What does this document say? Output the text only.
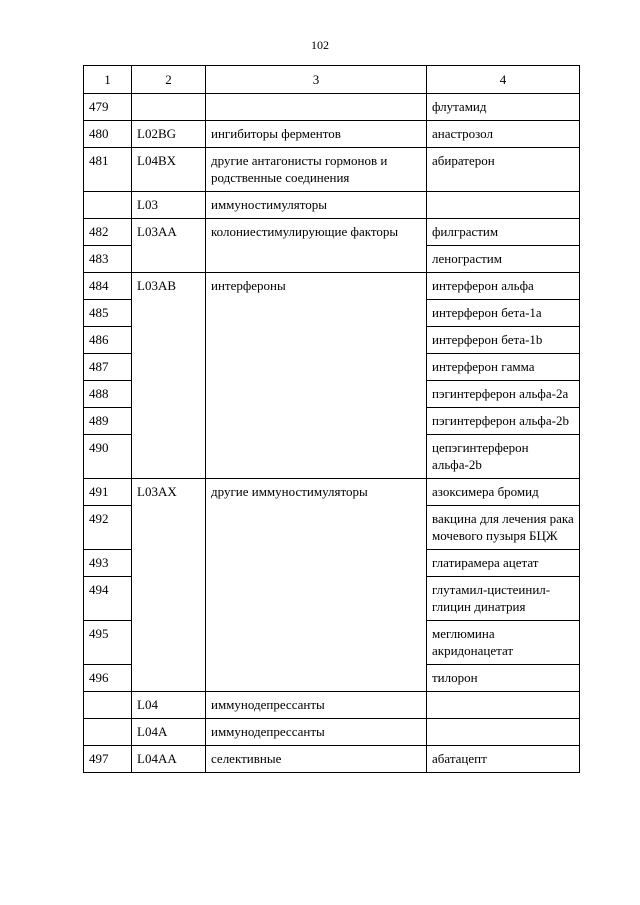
102
1	2	3	4
479			флутамид
480	L02BG	ингибиторы ферментов	анастрозол
481	L04BX	другие антагонисты гормонов и родственные соединения	абиратерон
	L03	иммуностимуляторы	
482	L03AA	колониестимулирующие факторы	филграстим
483			ленограстим
484	L03AB	интерфероны	интерферон альфа
485			интерферон бета-1a
486			интерферон бета-1b
487			интерферон гамма
488			пэгинтерферон альфа-2a
489			пэгинтерферон альфа-2b
490			цепэгинтерферон альфа-2b
491	L03AX	другие иммуностимуляторы	азоксимера бромид
492			вакцина для лечения рака мочевого пузыря БЦЖ
493			глатирамера ацетат
494			глутамил-цистеинил-глицин динатрия
495			меглюмина акридонацетат
496			тилорон
	L04	иммунодепрессанты	
	L04A	иммунодепрессанты	
497	L04AA	селективные	абатацепт
